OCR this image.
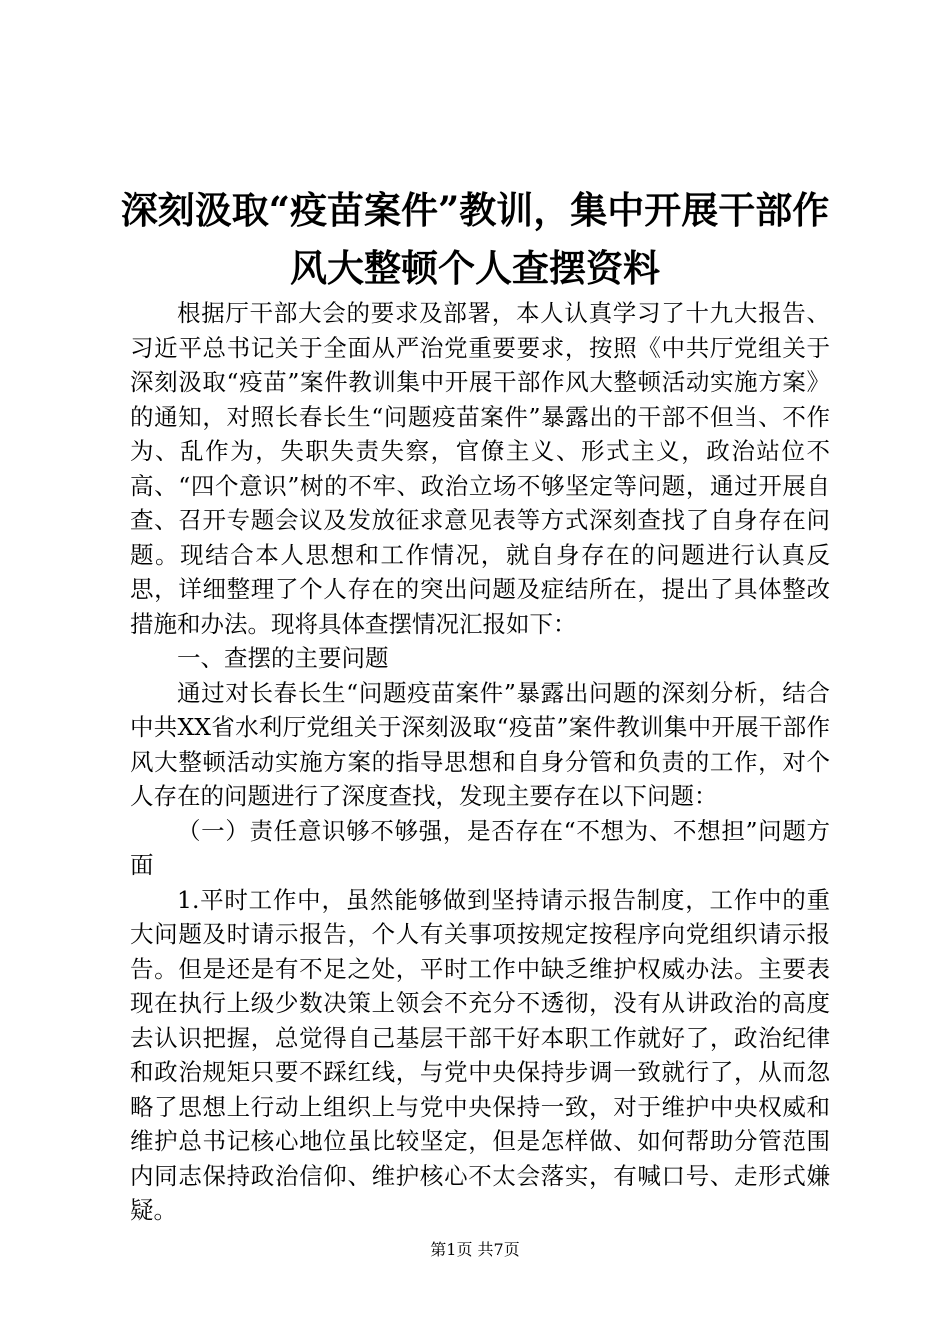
深刻汲取“疫苗案件”教训，集中开展干部作
风大整顿个人查摆资料

根据厅干部大会的要求及部署，本人认真学习了十九大报告、习近平总书记关于全面从严治党重要要求，按照《中共厅党组关于深刻汲取“疫苗”案件教训集中开展干部作风大整顿活动实施方案》的通知，对照长春长生“问题疫苗案件”暴露出的干部不但当、不作为、乱作为，失职失责失察，官僚主义、形式主义，政治站位不高、“四个意识”树的不牢、政治立场不够坚定等问题，通过开展自查、召开专题会议及发放征求意见表等方式深刻查找了自身存在问题。现结合本人思想和工作情况，就自身存在的问题进行认真反思，详细整理了个人存在的突出问题及症结所在，提出了具体整改措施和办法。现将具体查摆情况汇报如下：

一、查摆的主要问题

通过对长春长生“问题疫苗案件”暴露出问题的深刻分析，结合中共XX省水利厅党组关于深刻汲取“疫苗”案件教训集中开展干部作风大整顿活动实施方案的指导思想和自身分管和负责的工作，对个人存在的问题进行了深度查找，发现主要存在以下问题：

（一）责任意识够不够强，是否存在“不想为、不想担”问题方面

1.平时工作中，虽然能够做到坚持请示报告制度，工作中的重大问题及时请示报告，个人有关事项按规定按程序向党组织请示报告。但是还是有不足之处，平时工作中缺乏维护权威办法。主要表现在执行上级少数决策上领会不充分不透彻，没有从讲政治的高度去认识把握，总觉得自己基层干部干好本职工作就好了，政治纪律和政治规矩只要不踩红线，与党中央保持步调一致就行了，从而忽略了思想上行动上组织上与党中央保持一致，对于维护中央权威和维护总书记核心地位虽比较坚定，但是怎样做、如何帮助分管范围内同志保持政治信仰、维护核心不太会落实，有喊口号、走形式嫌疑。

第1页 共7页
